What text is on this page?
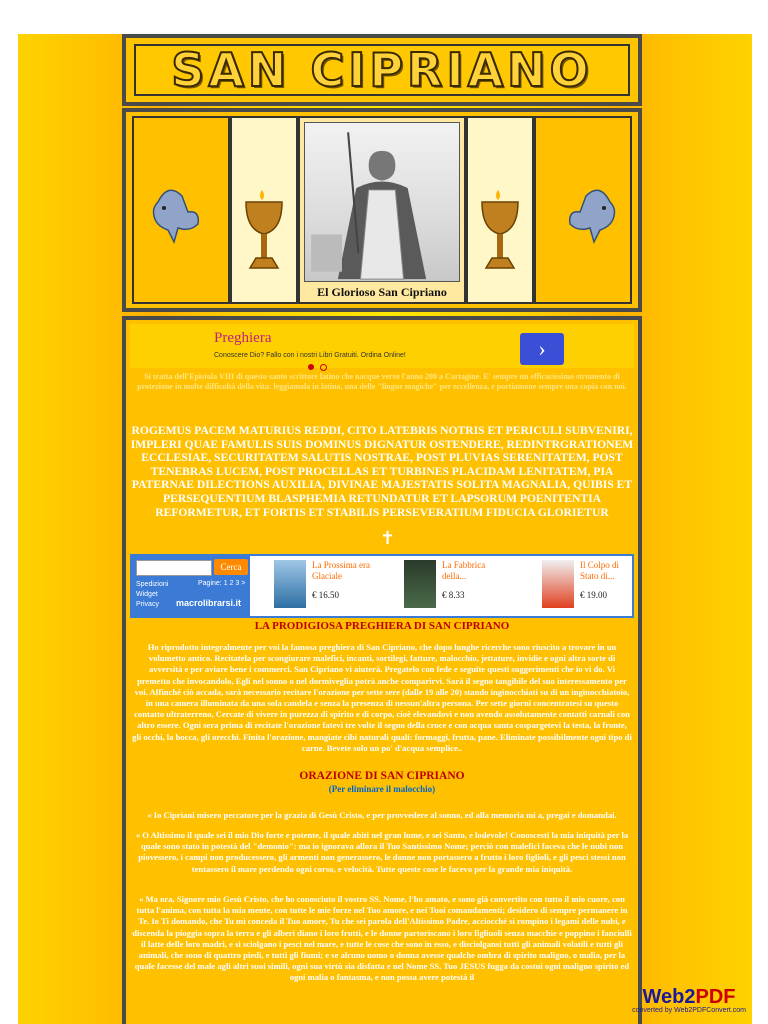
SAN CIPRIANO
El Glorioso San Cipriano
Preghiera
Conoscere Dio? Fallo con i nostri Libri Gratuiti. Ordina Online!	›
Si tratta dell'Epistola VIII di questo santo scrittore latino che nacque verso l'anno 200 a Cartagine. E' sempre un efficacissimo strumento di protezione in molte difficoltà della vita: leggiamola in latino, una delle "lingue magiche" per eccellenza, e portiamone sempre una copia con noi.
ROGEMUS PACEM MATURIUS REDDI, CITO LATEBRIS NOTRIS ET PERICULI SUBVENIRI, IMPLERI QUAE FAMULIS SUIS DOMINUS DIGNATUR OSTENDERE, REDINTRGRATIONEM ECCLESIAE, SECURITATEM SALUTIS NOSTRAE, POST PLUVIAS SERENITATEM, POST TENEBRAS LUCEM, POST PROCELLAS ET TURBINES PLACIDAM LENITATEM, PIA PATERNAE DILECTIONS AUXILIA, DIVINAE MAJESTATIS SOLITA MAGNALIA, QUIBIS ET PERSEQUENTIUM BLASPHEMIA RETUNDATUR ET LAPSORUM POENITENTIA REFORMETUR, ET FORTIS ET STABILIS PERSEVERATIUM FIDUCIA GLORIETUR
✝
Cerca
Spedizioni
Widget
Privacy
Pagine: 1 2 3 >
macrolibrarsi.it
La Prossima era Glaciale
€ 16.50
La Fabbrica della...
€ 8.33
Il Colpo di Stato di...
€ 19.00
LA PRODIGIOSA PREGHIERA DI SAN CIPRIANO
Ho riprodotto integralmente per voi la famosa preghiera di San Cipriano, che dopo lunghe ricerche sono riuscito a trovare in un volumetto antico. Recitatela per scongiurare malefici, incanti, sortilegi, fatture, malocchio, jettature, invidie e ogni altra sorte di avversità e per aviare bene i commerci. San Cipriano vi aiuterà. Pregatelo con fede e seguite questi suggerimenti che io vi do. Vi premetto che invocandolo, Egli nel sonno o nel dormiveglia potrà anche comparirvi. Sarà il segno tangibile del suo interessamento per voi. Affinché ciò accada, sarà necessario recitare l'orazione per sette sere (dalle 19 alle 20) stando inginocchiati su di un inginocchiatoio, in una camera illuminata da una sola candela e senza la presenza di nessun'altra persona. Per sette giorni concentratesi su questo contatto ultraterreno, Cercate di vivere in purezza di spirito e di corpo, cioè elevandovi e non avendo assolutamente contatti carnali con altro essere. Ogni sera prima di recitate l'orazione fatevi tre volte il segno della croce e con acqua santa cospargetevi la testa, la fronte, gli occhi, la bocca, gli orecchi. Finita l'orazione, mangiate cibi naturali quali: formaggi, frutta, pane. Eliminate possibilmente ogni tipo di carne. Bevete solo un po' d'acqua semplice..
ORAZIONE DI SAN CIPRIANO
(Per eliminare il malocchio)
« Io Cipriani misero peccatore per la grazia di Gesù Cristo, e per provvedere al sonno, ed alla memoria mi a, pregai e domandai.
« O Altissimo il quale sei il mio Dio forte e potente, il quale abiti nel gran lume, e sei Santo, e lodevole! Conoscesti la mia iniquità per la quale sono stato in potestà del "demonio": ma io ignorava allora il Tuo Santissimo Nome; perciò con malefici faceva che le nubi non piovessero, i campi non producessero, gli armenti non generassero, le donne non portassero a frutto i loro figlioli, e gli pesci stessi non tentassero il mare perdendo ogni corso, e velocità. Tutte queste cose le facevo per la grande mia iniquità.
« Ma ora, Signore mio Gesù Cristo, che ho conosciuto il vostro SS. Nome, l'ho amato, e sono già convertito con tutto il mio cuore, con tutta l'anima, con tutta la mia mente, con tutte le mie forze nel Tuo amore, e nei Tuoi comandamenti; desidero di sempre permanere in Te. Io Ti domando, che Tu mi conceda il Tuo amore, Tu che sei parola dell'Altissimo Padre, acciocché si rompino i legami delle nubi, e discenda la pioggia sopra la terra e gli alberi diano i loro frutti, e le donne partoriscano i loro figliuoli senza macchie e poppino i fanciulli il latte delle loro madri, e si sciolgano i pesci nel mare, e tutte le cose che sono in esso, e disciolgansi tutti gli animali volatili e tutti gli animali, che sono di quattro piedi, e tutti gli fiumi; e se alcuno uomo o donna avesse qualche ombra di spirito maligno, o malia, per la quale facesse del male agli altri suoi simili, ogni sua virtù sia disfatta e nel Nome SS. Tuo JESUS fugga da costui ogni maligno spirito ed ogni malia o fantasma, e non possa avere potestà il
Web2PDF
converted by Web2PDFConvert.com
